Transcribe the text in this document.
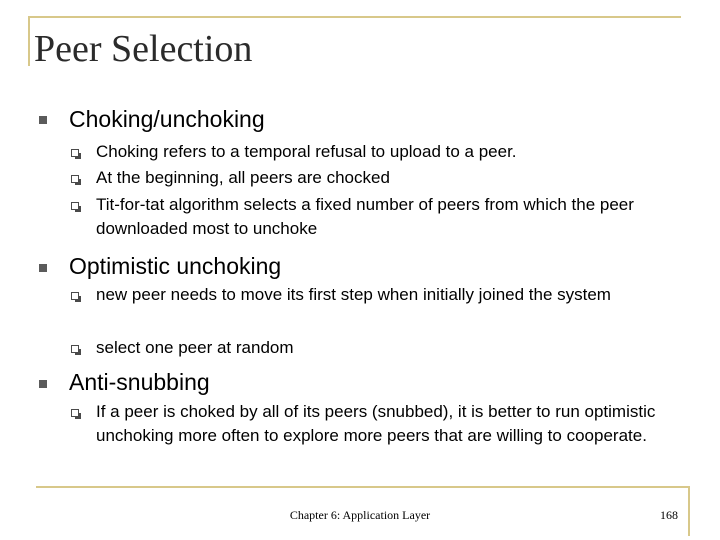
Peer Selection
Choking/unchoking
Choking refers to a temporal refusal to upload to a peer.
At the beginning, all peers are chocked
Tit-for-tat algorithm selects a fixed number of peers from which the peer downloaded most to unchoke
Optimistic unchoking
new peer needs to move its first step when initially joined the system
select one peer at random
Anti-snubbing
If a peer is choked by all of its peers (snubbed), it is better to run optimistic unchoking more often to explore more peers that are willing to cooperate.
Chapter 6: Application Layer	168
